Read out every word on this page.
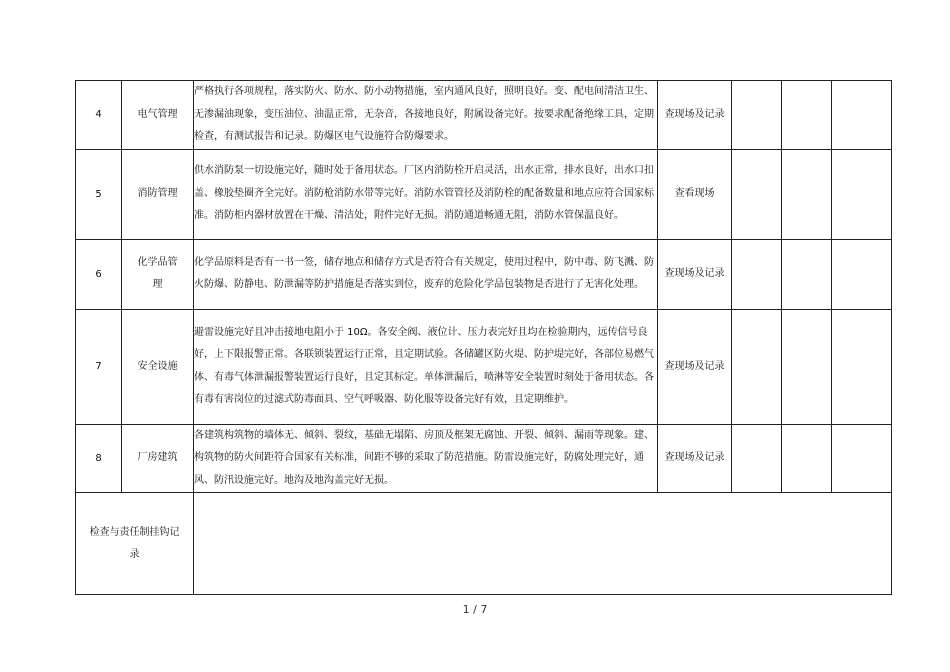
4	电气管理	严格执行各项规程，落实防火、防水、防小动物措施，室内通风良好，照明良好。变、配电间清洁卫生、无渗漏油现象，变压油位、油温正常，无杂音，各接地良好，附属设备完好。按要求配备绝缘工具，定期检查，有测试报告和记录。防爆区电气设施符合防爆要求。	查现场及记录			
5	消防管理	供水消防泵一切设施完好，随时处于备用状态。厂区内消防栓开启灵活，出水正常，排水良好，出水口扣盖、橡胶垫圈齐全完好。消防枪消防水带等完好。消防水管管径及消防栓的配备数量和地点应符合国家标准。消防柜内器材放置在干燥、清洁处，附件完好无损。消防通道畅通无阻，消防水管保温良好。	查看现场			
6	化学品管理	化学品原料是否有一书一签，储存地点和储存方式是否符合有关规定，使用过程中，防中毒、防飞溅、防火防爆、防静电、防泄漏等防护措施是否落实到位，废弃的危险化学品包装物是否进行了无害化处理。	查现场及记录			
7	安全设施	避雷设施完好且冲击接地电阻小于 10Ω。各安全阀、液位计、压力表完好且均在检验期内，远传信号良好，上下限报警正常。各联锁装置运行正常，且定期试验。各储罐区防火堤、防护堤完好，各部位易燃气体、有毒气体泄漏报警装置运行良好，且定其标定。单体泄漏后，喷淋等安全装置时刻处于备用状态。各有毒有害岗位的过滤式防毒面具、空气呼吸器、防化服等设备完好有效，且定期维护。	查现场及记录			
8	厂房建筑	各建筑构筑物的墙体无、倾斜、裂纹，基础无塌陷、房顶及框架无腐蚀、开裂、倾斜、漏雨等现象。建、构筑物的防火间距符合国家有关标准，间距不够的采取了防范措施。防雷设施完好，防腐处理完好，通风、防汛设施完好。地沟及地沟盖完好无损。	查现场及记录			
检查与责任制挂钩记　　录						
1 / 7
